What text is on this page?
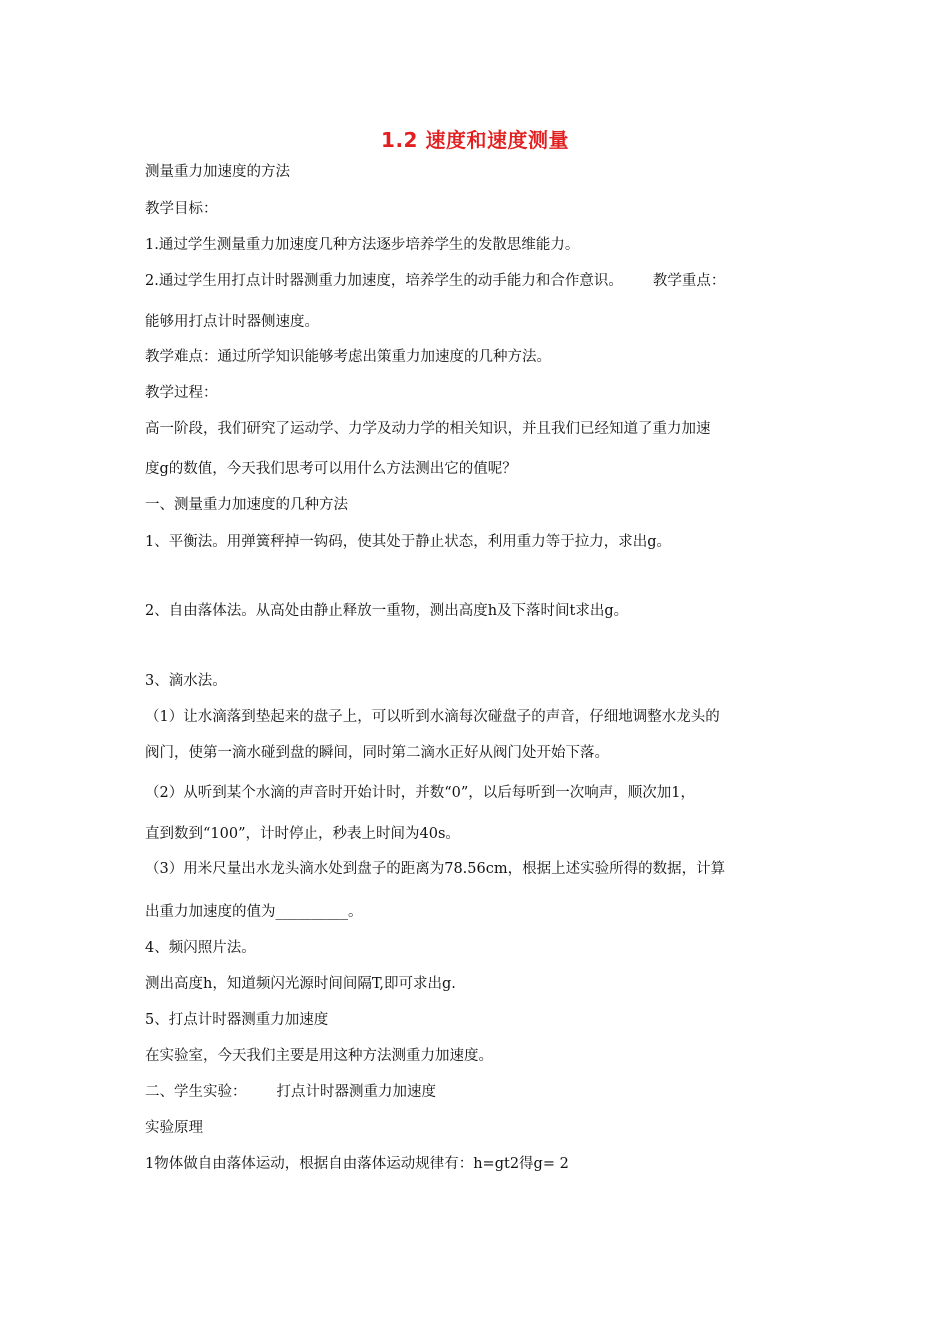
1.2 速度和速度测量
测量重力加速度的方法
教学目标：
1.通过学生测量重力加速度几种方法逐步培养学生的发散思维能力。
2.通过学生用打点计时器测重力加速度，培养学生的动手能力和合作意识。 教学重点：
能够用打点计时器侧速度。
教学难点：通过所学知识能够考虑出策重力加速度的几种方法。
教学过程：
高一阶段，我们研究了运动学、力学及动力学的相关知识，并且我们已经知道了重力加速
度g的数值，今天我们思考可以用什么方法测出它的值呢？
一、测量重力加速度的几种方法
1、平衡法。用弹簧秤掉一钩码，使其处于静止状态，利用重力等于拉力，求出g。
2、自由落体法。从高处由静止释放一重物，测出高度h及下落时间t求出g。
3、滴水法。
（1）让水滴落到垫起来的盘子上，可以听到水滴每次碰盘子的声音，仔细地调整水龙头的
阀门，使第一滴水碰到盘的瞬间，同时第二滴水正好从阀门处开始下落。
（2）从听到某个水滴的声音时开始计时，并数“0”，以后每听到一次响声，顺次加1，
直到数到“100”，计时停止，秒表上时间为40s。
（3）用米尺量出水龙头滴水处到盘子的距离为78.56cm，根据上述实验所得的数据，计算
出重力加速度的值为__________。
4、频闪照片法。
测出高度h，知道频闪光源时间间隔T,即可求出g.
5、打点计时器测重力加速度
在实验室，今天我们主要是用这种方法测重力加速度。
二、学生实验： 打点计时器测重力加速度
实验原理
1物体做自由落体运动，根据自由落体运动规律有：h=gt2得g= 2
